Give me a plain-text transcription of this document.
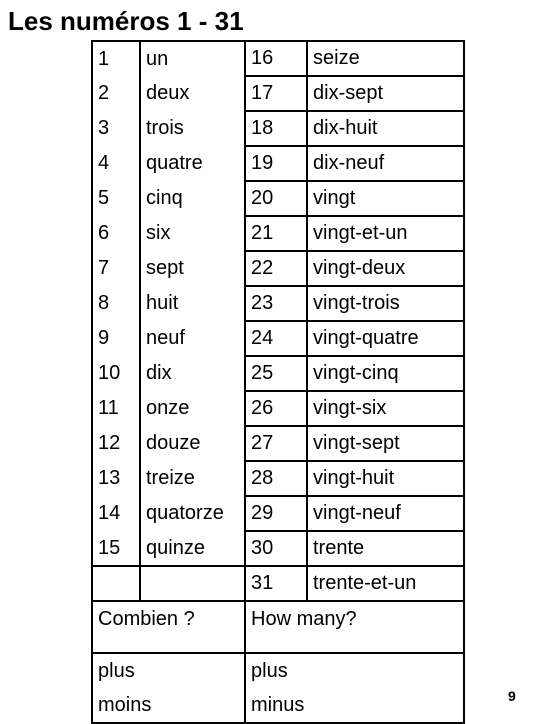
Les numéros 1 - 31
1	un	16	seize
2	deux	17	dix-sept
3	trois	18	dix-huit
4	quatre	19	dix-neuf
5	cinq	20	vingt
6	six	21	vingt-et-un
7	sept	22	vingt-deux
8	huit	23	vingt-trois
9	neuf	24	vingt-quatre
10	dix	25	vingt-cinq
11	onze	26	vingt-six
12	douze	27	vingt-sept
13	treize	28	vingt-huit
14	quatorze	29	vingt-neuf
15	quinze	30	trente
		31	trente-et-un
Combien ?		How many?	
plus		plus	
moins		minus		9
